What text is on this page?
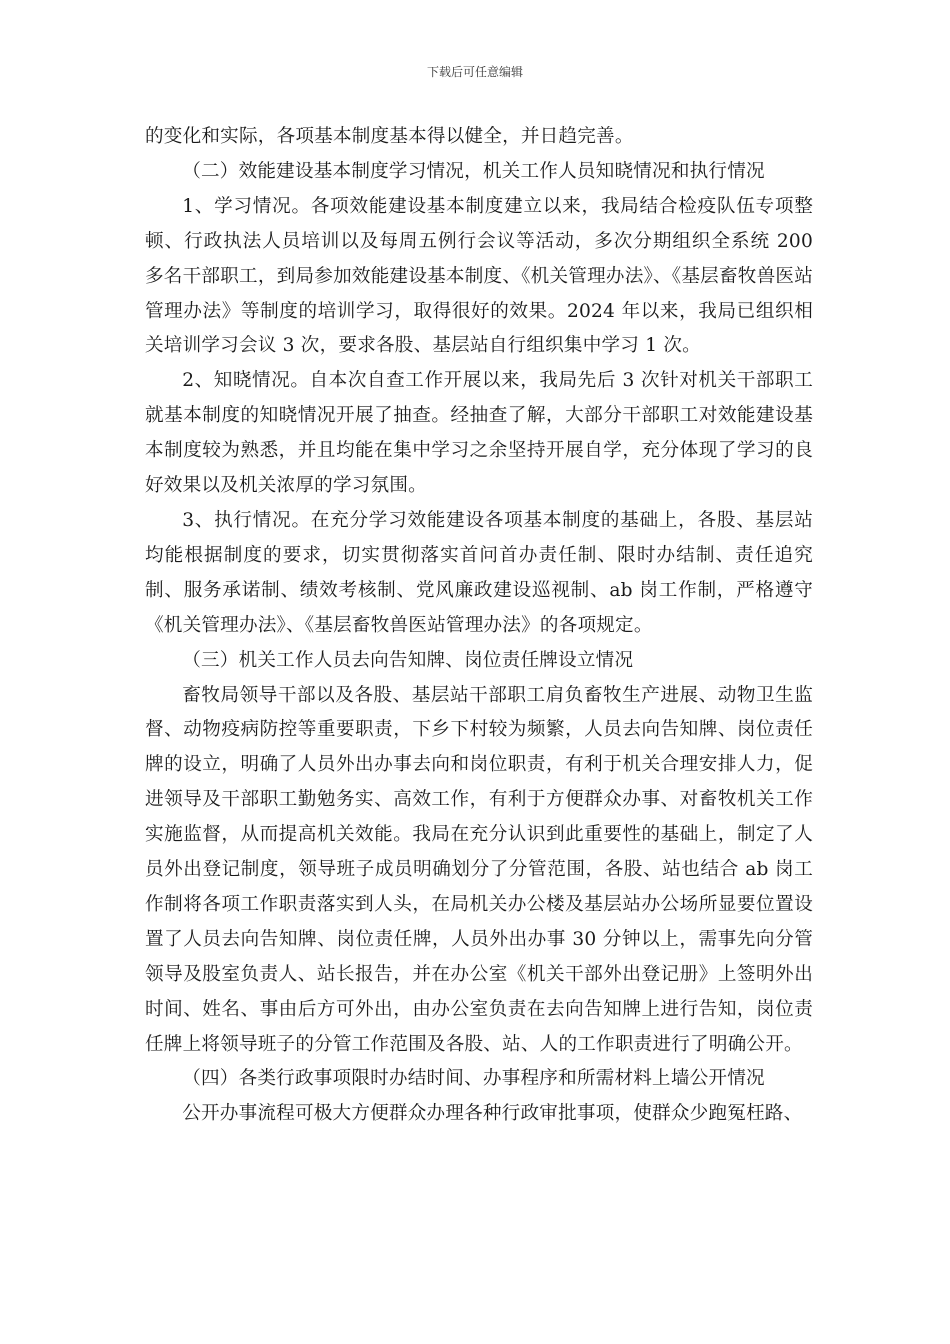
下载后可任意编辑

的变化和实际，各项基本制度基本得以健全，并日趋完善。

（二）效能建设基本制度学习情况，机关工作人员知晓情况和执行情况

1、学习情况。各项效能建设基本制度建立以来，我局结合检疫队伍专项整顿、行政执法人员培训以及每周五例行会议等活动，多次分期组织全系统 200 多名干部职工，到局参加效能建设基本制度、《机关管理办法》、《基层畜牧兽医站管理办法》等制度的培训学习，取得很好的效果。2024 年以来，我局已组织相关培训学习会议 3 次，要求各股、基层站自行组织集中学习 1 次。

2、知晓情况。自本次自查工作开展以来，我局先后 3 次针对机关干部职工就基本制度的知晓情况开展了抽查。经抽查了解，大部分干部职工对效能建设基本制度较为熟悉，并且均能在集中学习之余坚持开展自学，充分体现了学习的良好效果以及机关浓厚的学习氛围。

3、执行情况。在充分学习效能建设各项基本制度的基础上，各股、基层站均能根据制度的要求，切实贯彻落实首问首办责任制、限时办结制、责任追究制、服务承诺制、绩效考核制、党风廉政建设巡视制、ab 岗工作制，严格遵守《机关管理办法》、《基层畜牧兽医站管理办法》的各项规定。

（三）机关工作人员去向告知牌、岗位责任牌设立情况

畜牧局领导干部以及各股、基层站干部职工肩负畜牧生产进展、动物卫生监督、动物疫病防控等重要职责，下乡下村较为频繁，人员去向告知牌、岗位责任牌的设立，明确了人员外出办事去向和岗位职责，有利于机关合理安排人力，促进领导及干部职工勤勉务实、高效工作，有利于方便群众办事、对畜牧机关工作实施监督，从而提高机关效能。我局在充分认识到此重要性的基础上，制定了人员外出登记制度，领导班子成员明确划分了分管范围，各股、站也结合 ab 岗工作制将各项工作职责落实到人头，在局机关办公楼及基层站办公场所显要位置设置了人员去向告知牌、岗位责任牌，人员外出办事 30 分钟以上，需事先向分管领导及股室负责人、站长报告，并在办公室《机关干部外出登记册》上签明外出时间、姓名、事由后方可外出，由办公室负责在去向告知牌上进行告知，岗位责任牌上将领导班子的分管工作范围及各股、站、人的工作职责进行了明确公开。

（四）各类行政事项限时办结时间、办事程序和所需材料上墙公开情况

公开办事流程可极大方便群众办理各种行政审批事项，使群众少跑冤枉路、
